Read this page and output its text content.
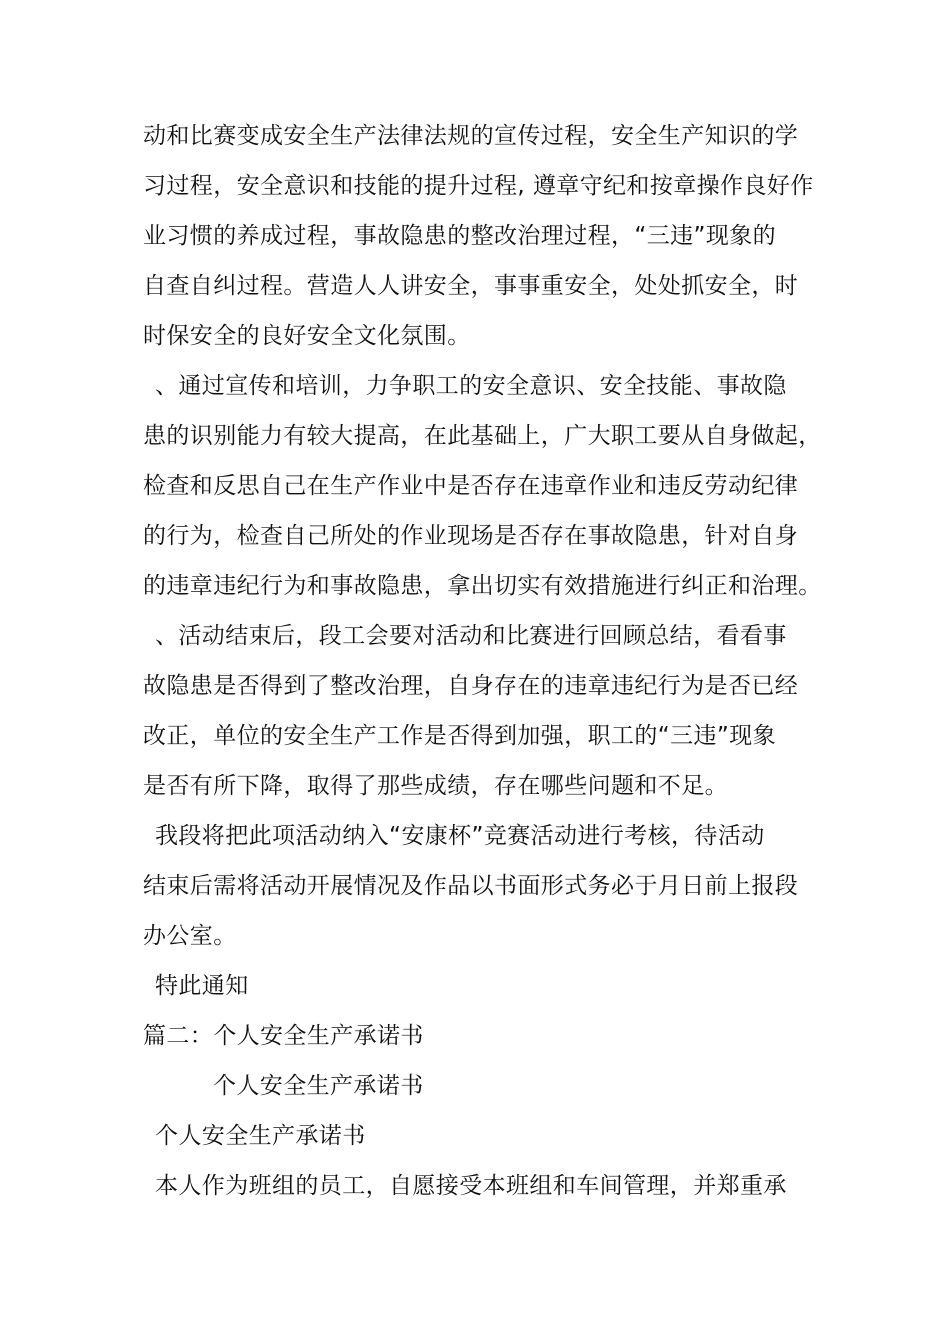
动和比赛变成安全生产法律法规的宣传过程，安全生产知识的学
习过程，安全意识和技能的提升过程, 遵章守纪和按章操作良好作
业习惯的养成过程，事故隐患的整改治理过程，“三违”现象的
自查自纠过程。营造人人讲安全，事事重安全，处处抓安全，时
时保安全的良好安全文化氛围。
、通过宣传和培训，力争职工的安全意识、安全技能、事故隐
患的识别能力有较大提高，在此基础上，广大职工要从自身做起，
检查和反思自己在生产作业中是否存在违章作业和违反劳动纪律
的行为，检查自己所处的作业现场是否存在事故隐患，针对自身
的违章违纪行为和事故隐患，拿出切实有效措施进行纠正和治理。
、活动结束后，段工会要对活动和比赛进行回顾总结，看看事
故隐患是否得到了整改治理，自身存在的违章违纪行为是否已经
改正，单位的安全生产工作是否得到加强，职工的“三违”现象
是否有所下降，取得了那些成绩，存在哪些问题和不足。
我段将把此项活动纳入“安康杯”竞赛活动进行考核，待活动
结束后需将活动开展情况及作品以书面形式务必于月日前上报段
办公室。
特此通知
篇二：个人安全生产承诺书
个人安全生产承诺书
个人安全生产承诺书
本人作为班组的员工，自愿接受本班组和车间管理，并郑重承
